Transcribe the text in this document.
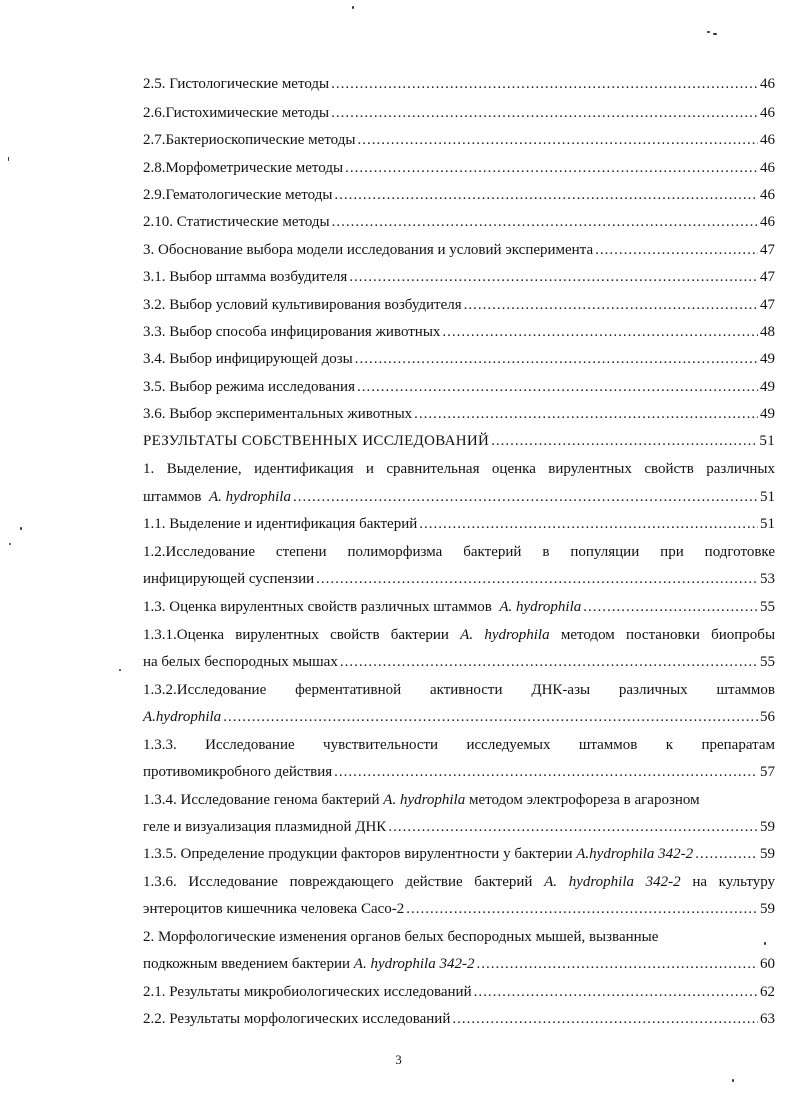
2.5. Гистологические методы .....	46
2.6.Гистохимические методы .....	46
2.7.Бактериоскопические методы .....	46
2.8.Морфометрические методы .....	46
2.9.Гематологические методы .....	46
2.10. Статистические методы .....	46
3. Обоснование выбора модели исследования и условий эксперимента .....	47
3.1. Выбор штамма возбудителя .....	47
3.2. Выбор условий культивирования возбудителя .....	47
3.3. Выбор способа инфицирования животных .....	48
3.4. Выбор инфицирующей дозы .....	49
3.5. Выбор режима исследования .....	49
3.6. Выбор экспериментальных животных .....	49
РЕЗУЛЬТАТЫ СОБСТВЕННЫХ ИССЛЕДОВАНИЙ .....	51
1. Выделение, идентификация и сравнительная оценка вирулентных свойств различных
штаммов A. hydrophila .....	51
1.1. Выделение и идентификация бактерий .....	51
1.2.Исследование степени полиморфизма бактерий в популяции при подготовке
инфицирующей суспензии .....	53
1.3. Оценка вирулентных свойств различных штаммов A. hydrophila .....	55
1.3.1.Оценка вирулентных свойств бактерии A. hydrophila методом постановки биопробы
на белых беспородных мышах .....	55
1.3.2.Исследование ферментативной активности ДНК-азы различных штаммов
A.hydrophila .....	56
1.3.3. Исследование чувствительности исследуемых штаммов к препаратам
противомикробного действия .....	57
1.3.4. Исследование генома бактерий A. hydrophila методом электрофореза в агарозном
геле и визуализация плазмидной ДНК .....	59
1.3.5. Определение продукции факторов вирулентности у бактерии A.hydrophila 342-2 .....	59
1.3.6. Исследование повреждающего действие бактерий A. hydrophila 342-2 на культуру
энтероцитов кишечника человека Caco-2 .....	59
2. Морфологические изменения органов белых беспородных мышей, вызванные
подкожным введением бактерии A. hydrophila 342-2 .....	60
2.1. Результаты микробиологических исследований .....	62
2.2. Результаты морфологических исследований .....	63
3
